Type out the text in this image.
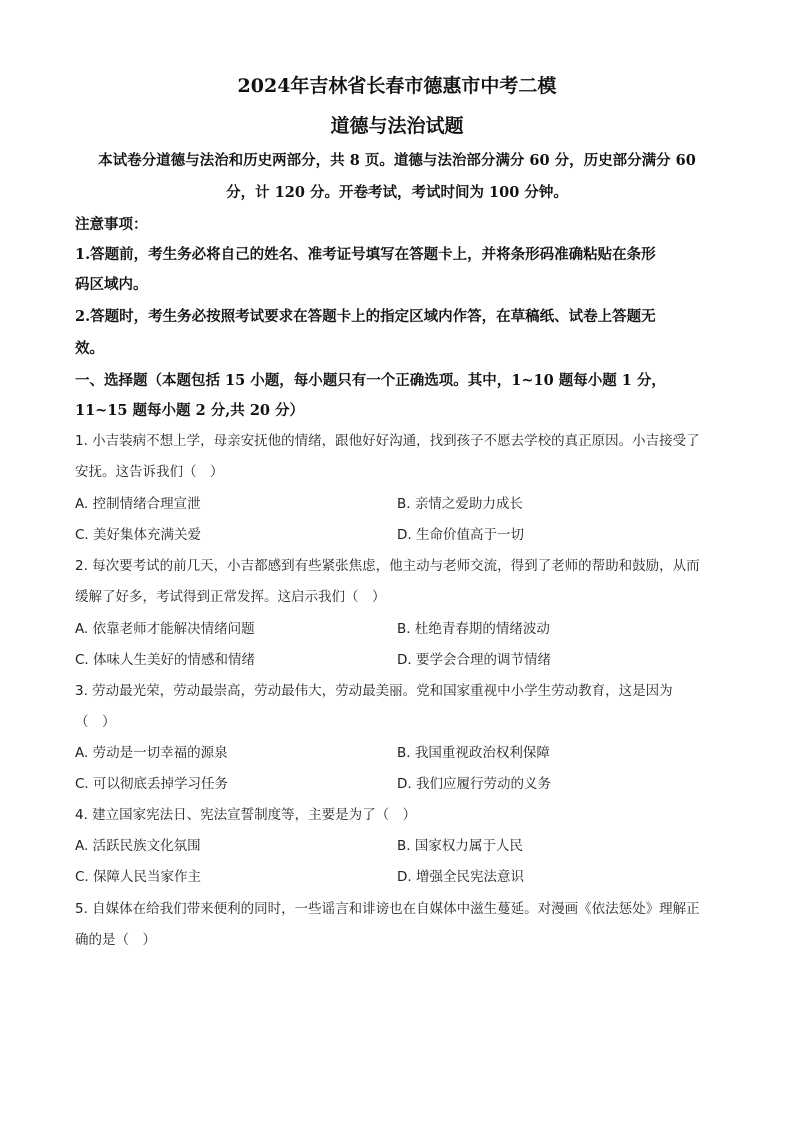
2024年吉林省长春市德惠市中考二模
道德与法治试题
本试卷分道德与法治和历史两部分，共 8 页。道德与法治部分满分 60 分，历史部分满分 60
分，计 120 分。开卷考试，考试时间为 100 分钟。
注意事项：
1.答题前，考生务必将自己的姓名、准考证号填写在答题卡上，并将条形码准确粘贴在条形
码区域内。
2.答题时，考生务必按照考试要求在答题卡上的指定区域内作答，在草稿纸、试卷上答题无
效。
一、选择题（本题包括 15 小题，每小题只有一个正确选项。其中，1~10 题每小题 1 分，
11~15 题每小题 2 分,共 20 分）
1. 小吉装病不想上学，母亲安抚他的情绪，跟他好好沟通，找到孩子不愿去学校的真正原因。小吉接受了
安抚。这告诉我们（　）
A. 控制情绪合理宣泄	B. 亲情之爱助力成长
C. 美好集体充满关爱	D. 生命价值高于一切
2. 每次要考试的前几天，小吉都感到有些紧张焦虑，他主动与老师交流，得到了老师的帮助和鼓励，从而
缓解了好多，考试得到正常发挥。这启示我们（　）
A. 依靠老师才能解决情绪问题	B. 杜绝青春期的情绪波动
C. 体味人生美好的情感和情绪	D. 要学会合理的调节情绪
3. 劳动最光荣，劳动最崇高，劳动最伟大，劳动最美丽。党和国家重视中小学生劳动教育，这是因为
（　）
A. 劳动是一切幸福的源泉	B. 我国重视政治权利保障
C. 可以彻底丢掉学习任务	D. 我们应履行劳动的义务
4. 建立国家宪法日、宪法宣誓制度等，主要是为了（　）
A. 活跃民族文化氛围	B. 国家权力属于人民
C. 保障人民当家作主	D. 增强全民宪法意识
5. 自媒体在给我们带来便利的同时，一些谣言和诽谤也在自媒体中滋生蔓延。对漫画《依法惩处》理解正
确的是（　）
